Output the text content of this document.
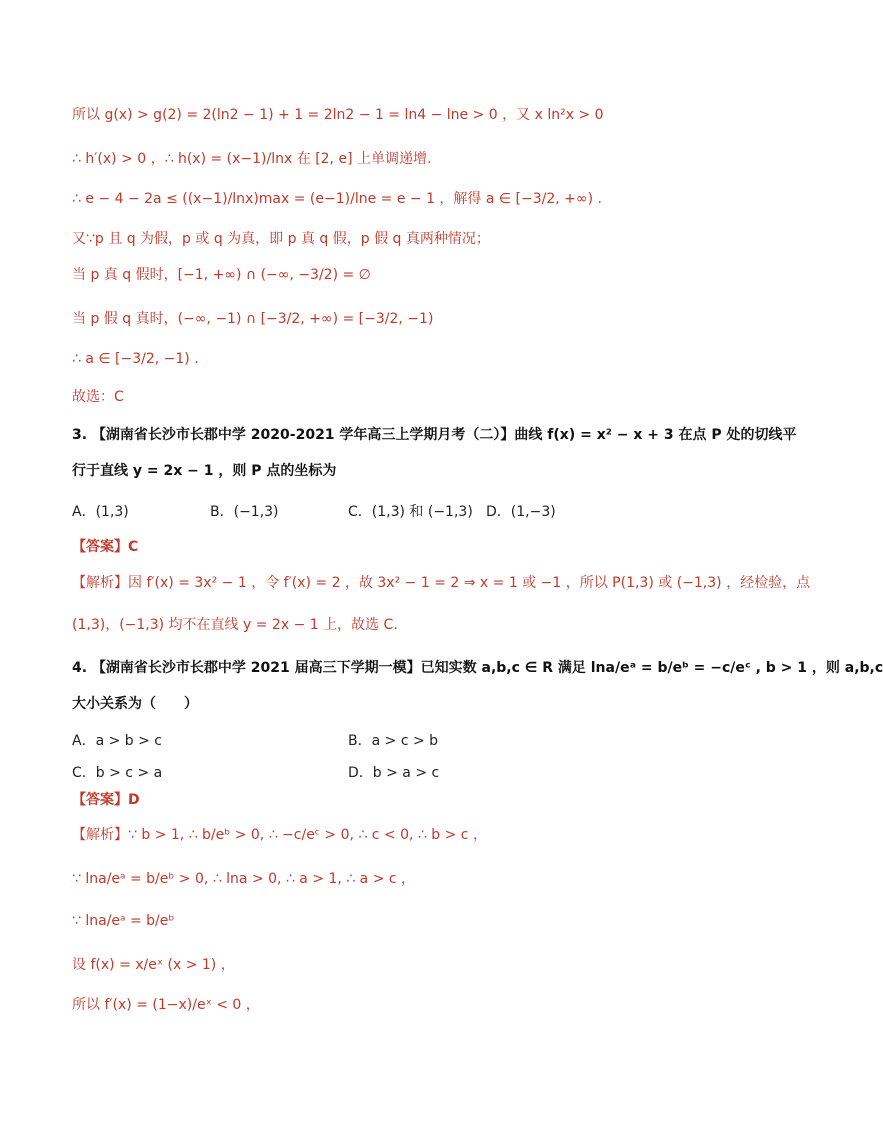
所以 g(x) > g(2) = 2(ln2 − 1) + 1 = 2ln2 − 1 = ln4 − lne > 0 ，又 x ln²x > 0
∴ h′(x) > 0 ，∴ h(x) = (x−1)/lnx 在 [2, e] 上单调递增.
∴ e − 4 − 2a ≤ ((x−1)/lnx)max = (e−1)/lne = e − 1 ，解得 a ∈ [−3/2, +∞) .
又∵p 且 q 为假，p 或 q 为真，即 p 真 q 假，p 假 q 真两种情况；
当 p 真 q 假时，[−1, +∞) ∩ (−∞, −3/2) = ∅
当 p 假 q 真时，(−∞, −1) ∩ [−3/2, +∞) = [−3/2, −1)
∴ a ∈ [−3/2, −1) .
故选：C
3. 【湖南省长沙市长郡中学 2020-2021 学年高三上学期月考（二）】曲线 f(x) = x² − x + 3 在点 P 处的切线平
行于直线 y = 2x − 1 ，则 P 点的坐标为
A．(1,3)	B．(−1,3)	C．(1,3) 和 (−1,3) D．(1,−3)
【答案】C
【解析】因 f′(x) = 3x² − 1 ，令 f′(x) = 2 ，故 3x² − 1 = 2 ⇒ x = 1 或 −1 ，所以 P(1,3) 或 (−1,3) ，经检验，点
(1,3)，(−1,3) 均不在直线 y = 2x − 1 上，故选 C.
4. 【湖南省长沙市长郡中学 2021 届高三下学期一模】已知实数 a,b,c ∈ R 满足 lna/eᵃ = b/eᵇ = −c/eᶜ , b > 1 ，则 a,b,c
大小关系为（　　）
A．a > b > c	B．a > c > b
C．b > c > a	D．b > a > c
【答案】D
【解析】∵ b > 1, ∴ b/eᵇ > 0, ∴ −c/eᶜ > 0, ∴ c < 0, ∴ b > c ，
∵ lna/eᵃ = b/eᵇ > 0, ∴ lna > 0, ∴ a > 1, ∴ a > c ，
∵ lna/eᵃ = b/eᵇ
设 f(x) = x/eˣ (x > 1) ，
所以 f′(x) = (1−x)/eˣ < 0 ，
